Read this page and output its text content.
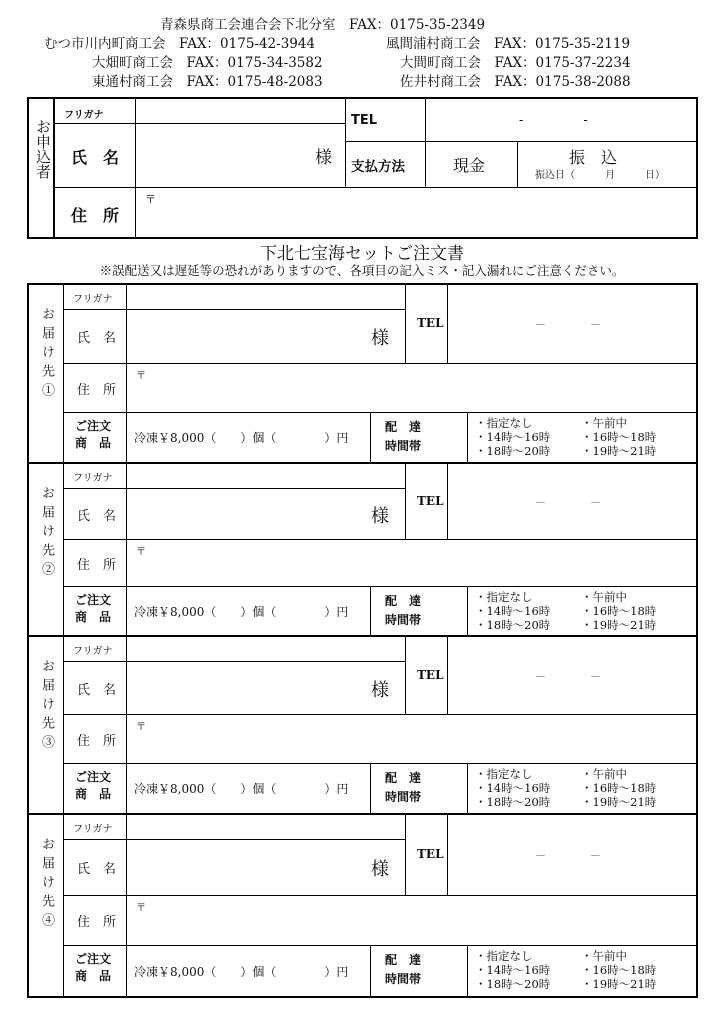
青森県商工会連合会下北分室　FAX：0175-35-2349
むつ市川内町商工会　FAX：0175-42-3944	風間浦村商工会　FAX：0175-35-2119
大畑町商工会　FAX：0175-34-3582	大間町商工会　FAX：0175-37-2234
東通村商工会　FAX：0175-48-2083	佐井村商工会　FAX：0175-38-2088
お申込者
フリガナ
氏　名	様
TEL	-　　　　　-
支払方法	現金	振　込
振込日（　　　月　　　日）
住　所
〒
下北七宝海セットご注文書
※誤配送又は遅延等の恐れがありますので、各項目の記入ミス・記入漏れにご注意ください。
お届け先①
フリガナ
氏　名	様
TEL	－　　　　－
住　所
〒
ご注文
商　品 冷凍￥8,000（　　）個（　　　　）円
配　達
時間帯
・指定なし	・午前中
・14時～16時	・16時～18時
・18時～20時	・19時～21時
お届け先②
フリガナ
氏　名	様
TEL	－　　　　－
住　所
〒
ご注文
商　品 冷凍￥8,000（　　）個（　　　　）円
配　達
時間帯
・指定なし	・午前中
・14時～16時	・16時～18時
・18時～20時	・19時～21時
お届け先③
フリガナ
氏　名	様
TEL	－　　　　－
住　所
〒
ご注文
商　品 冷凍￥8,000（　　）個（　　　　）円
配　達
時間帯
・指定なし	・午前中
・14時～16時	・16時～18時
・18時～20時	・19時～21時
お届け先④
フリガナ
氏　名	様
TEL	－　　　　－
住　所
〒
ご注文
商　品 冷凍￥8,000（　　）個（　　　　）円
配　達
時間帯
・指定なし	・午前中
・14時～16時	・16時～18時
・18時～20時	・19時～21時
